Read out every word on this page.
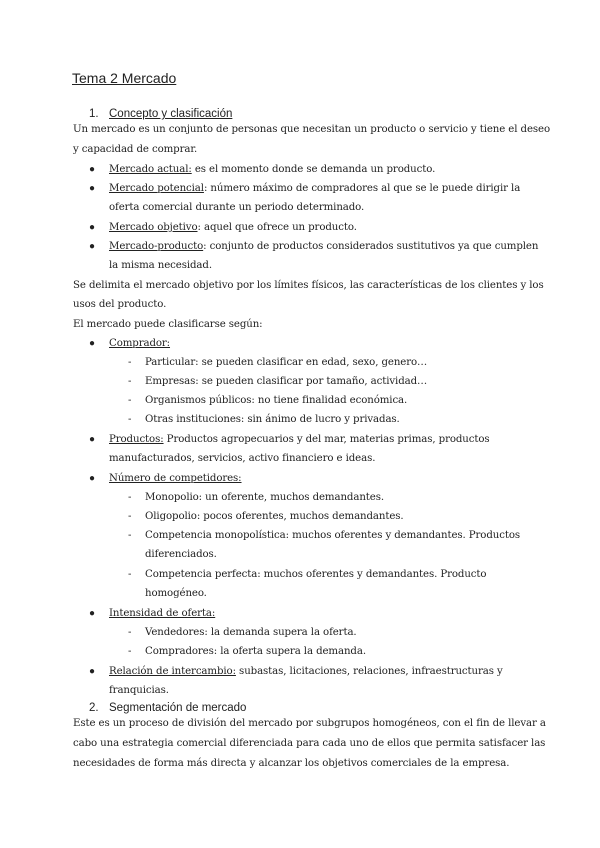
Tema 2 Mercado
1. Concepto y clasificación
Un mercado es un conjunto de personas que necesitan un producto o servicio y tiene el deseo
y capacidad de comprar.
● Mercado actual: es el momento donde se demanda un producto.
● Mercado potencial: número máximo de compradores al que se le puede dirigir la
oferta comercial durante un periodo determinado.
● Mercado objetivo: aquel que ofrece un producto.
● Mercado-producto: conjunto de productos considerados sustitutivos ya que cumplen
la misma necesidad.
Se delimita el mercado objetivo por los límites físicos, las características de los clientes y los
usos del producto.
El mercado puede clasificarse según:
● Comprador:
- Particular: se pueden clasificar en edad, sexo, genero…
- Empresas: se pueden clasificar por tamaño, actividad…
- Organismos públicos: no tiene finalidad económica.
- Otras instituciones: sin ánimo de lucro y privadas.
● Productos: Productos agropecuarios y del mar, materias primas, productos
manufacturados, servicios, activo financiero e ideas.
● Número de competidores:
- Monopolio: un oferente, muchos demandantes.
- Oligopolio: pocos oferentes, muchos demandantes.
- Competencia monopolística: muchos oferentes y demandantes. Productos
diferenciados.
- Competencia perfecta: muchos oferentes y demandantes. Producto
homogéneo.
● Intensidad de oferta:
- Vendedores: la demanda supera la oferta.
- Compradores: la oferta supera la demanda.
● Relación de intercambio: subastas, licitaciones, relaciones, infraestructuras y
franquicias.
2. Segmentación de mercado
Este es un proceso de división del mercado por subgrupos homogéneos, con el fin de llevar a
cabo una estrategia comercial diferenciada para cada uno de ellos que permita satisfacer las
necesidades de forma más directa y alcanzar los objetivos comerciales de la empresa.
